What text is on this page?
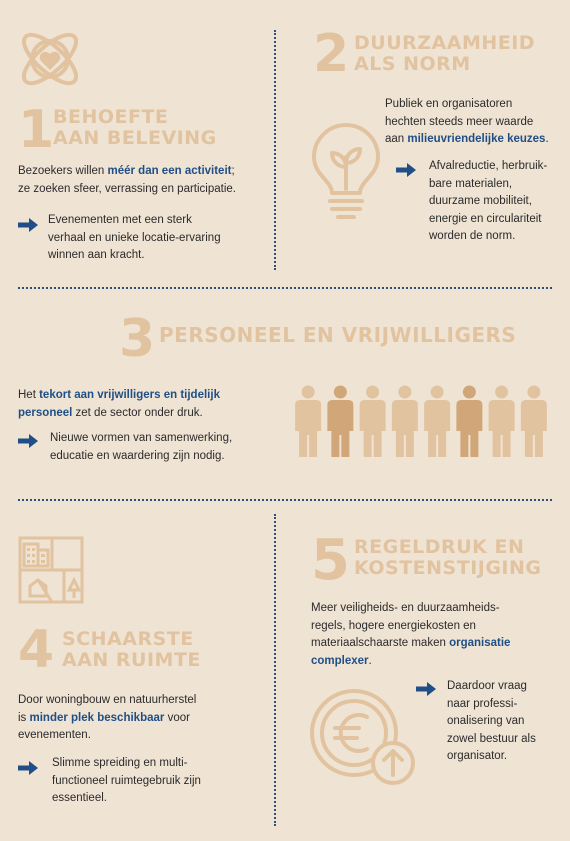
1
BEHOEFTE
AAN BELEVING

Bezoekers willen méér dan een activiteit;

ze zoeken sfeer, verrassing en participatie.

Evenementen met een sterk

verhaal en unieke locatie-ervaring

winnen aan kracht.

2 DUURZAAMHEID
ALS NORM

Publiek en organisatoren

hechten steeds meer waarde

aan milieuvriendelijke keuzes.

Afvalreductie, herbruik-

bare materialen,

duurzame mobiliteit,

energie en circulariteit

worden de norm.

3 PERSONEEL EN VRIJWILLIGERS

Het tekort aan vrijwilligers en tijdelijk

personeel zet de sector onder druk.

Nieuwe vormen van samenwerking,

educatie en waardering zijn nodig.

4 SCHAARSTE
AAN RUIMTE

Door woningbouw en natuurherstel

is minder plek beschikbaar voor

evenementen.

Slimme spreiding en multi-

functioneel ruimtegebruik zijn

essentieel.

5 REGELDRUK EN
KOSTENSTIJGING

Meer veiligheids- en duurzaamheids-

regels, hogere energiekosten en

materiaalschaarste maken organisatie

complexer.

Daardoor vraag

naar professi-

onalisering van

zowel bestuur als

organisator.
